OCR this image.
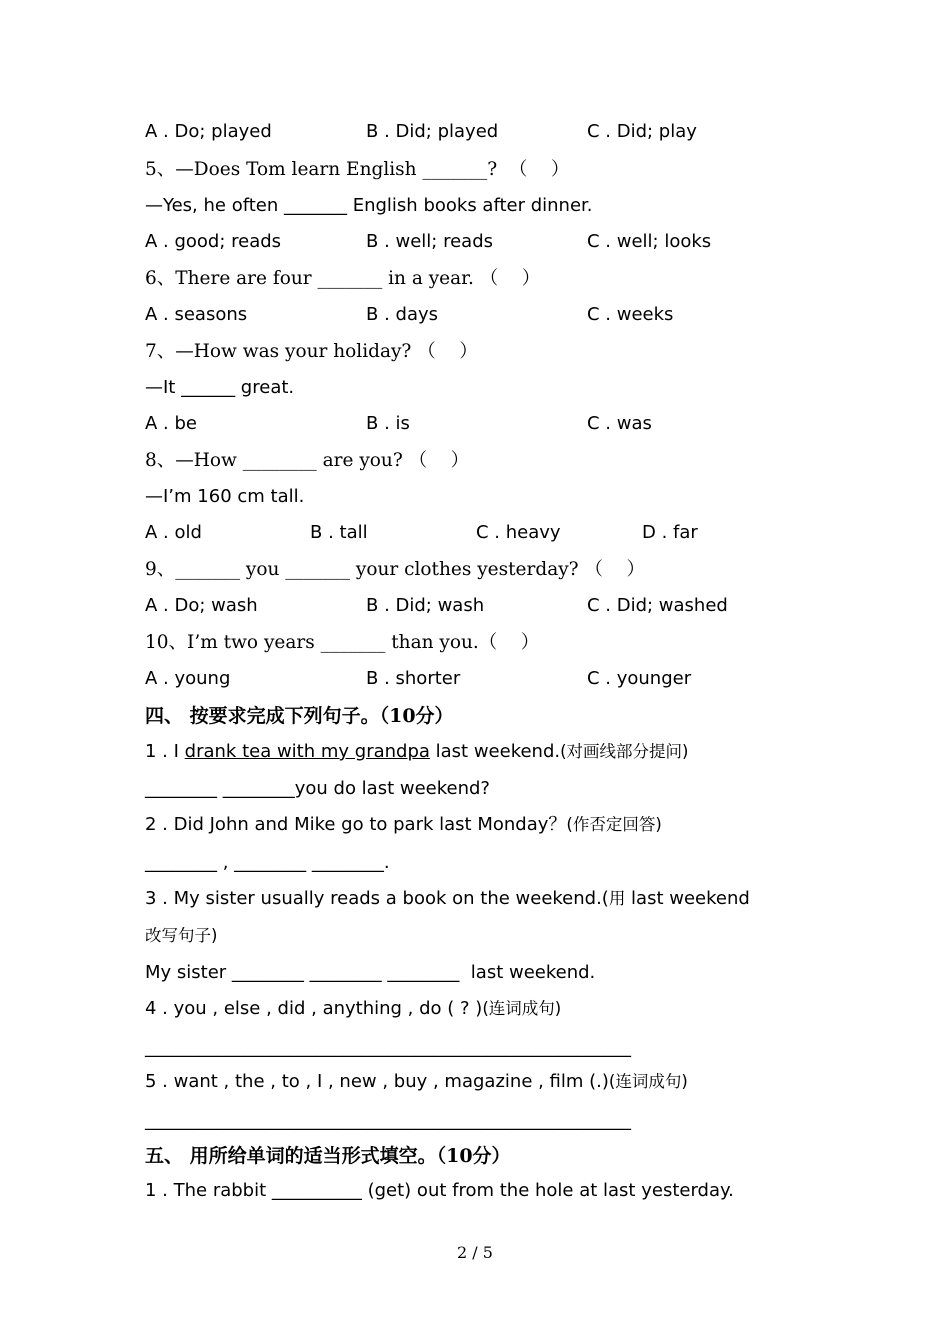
A . Do; played	B . Did; played	C . Did; play
5、—Does Tom learn English _______?  （    ）
—Yes, he often _______ English books after dinner.
A . good; reads	B . well; reads	C . well; looks
6、There are four _______ in a year. （    ）
A . seasons	B . days	C . weeks
7、—How was your holiday? （    ）
—It ______ great.
A . be	B . is	C . was
8、—How ________ are you? （    ）
—I’m 160 cm tall.
A . old	B . tall	C . heavy	D . far
9、_______ you _______ your clothes yesterday? （    ）
A . Do; wash	B . Did; wash	C . Did; washed
10、I’m two years _______ than you.（    ）
A . young	B . shorter	C . younger
四、 按要求完成下列句子。（10分）
1 . I drank tea with my grandpa last weekend.(对画线部分提问)
________ ________you do last weekend?
2 . Did John and Mike go to park last Monday？(作否定回答)
________ , ________ ________.
3 . My sister usually reads a book on the weekend.(用 last weekend
改写句子)
My sister ________ ________ ________  last weekend.
4 . you , else , did , anything , do ( ? )(连词成句)
______________________________________________________
5 . want , the , to , I , new , buy , magazine , film (.)(连词成句)
______________________________________________________
五、 用所给单词的适当形式填空。（10分）
1 . The rabbit __________ (get) out from the hole at last yesterday.
2 / 5
